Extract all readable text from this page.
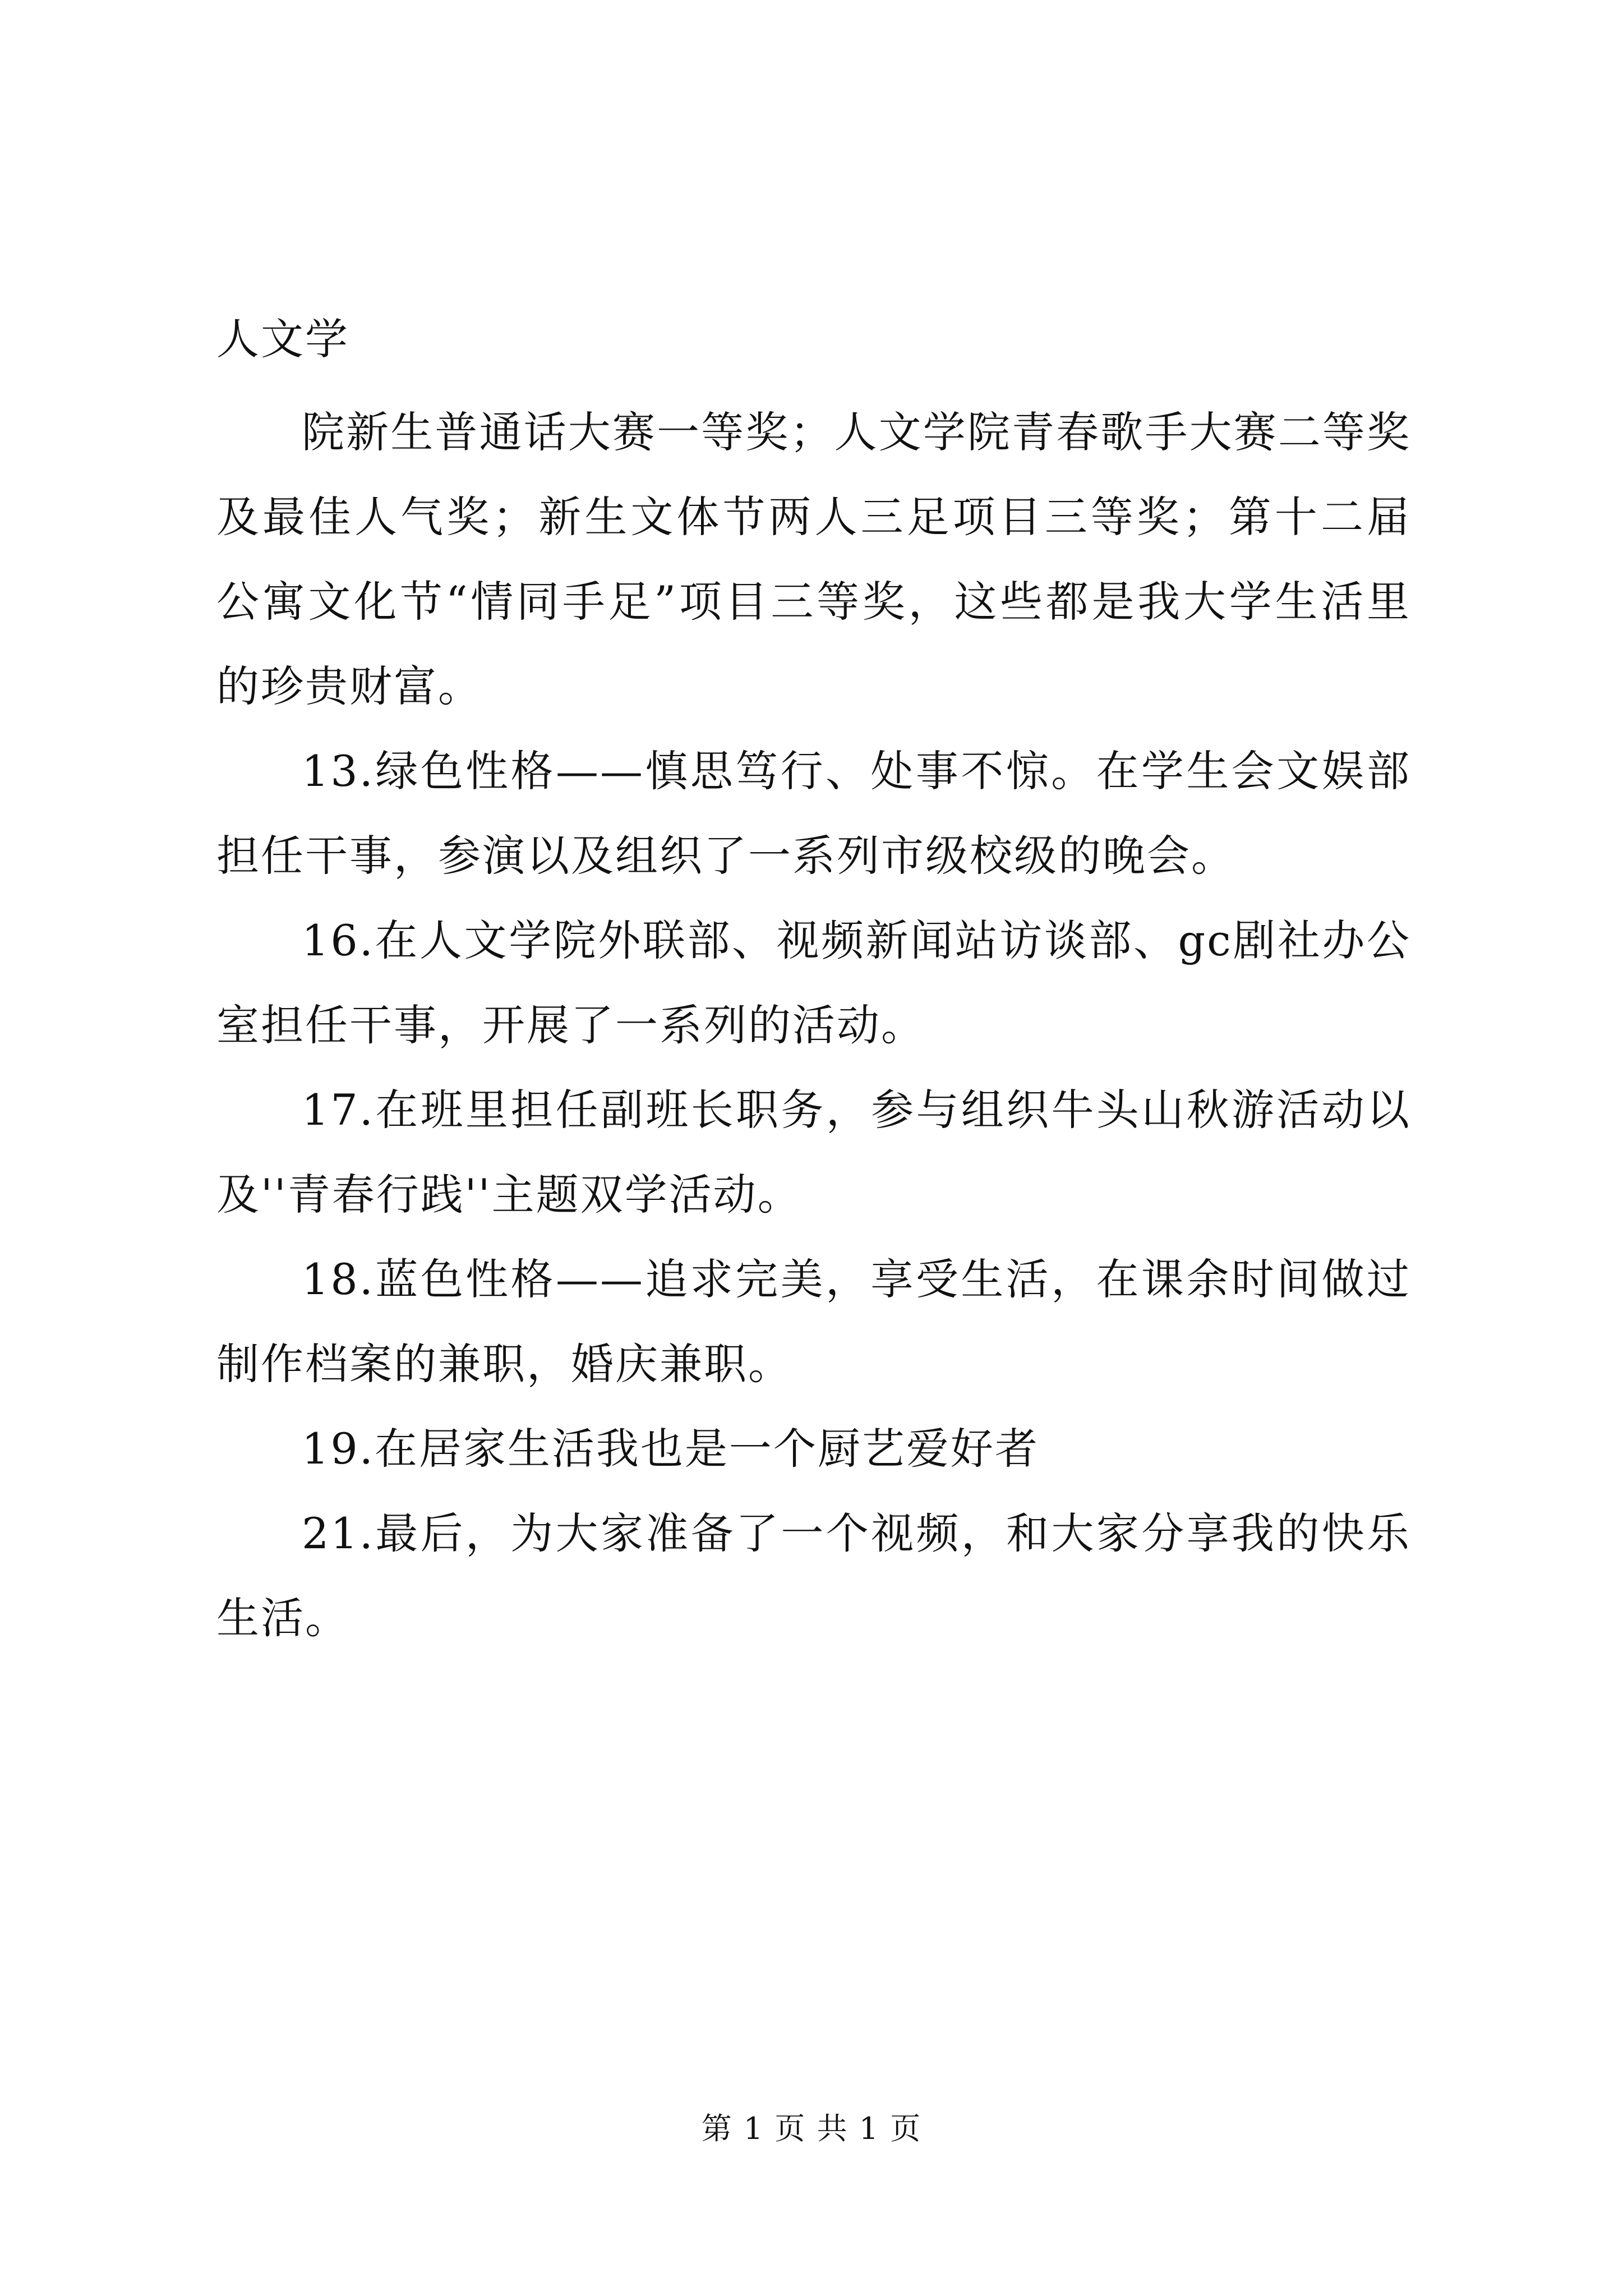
人文学

院新生普通话大赛一等奖；人文学院青春歌手大赛二等奖及最佳人气奖；新生文体节两人三足项目三等奖；第十二届公寓文化节“情同手足”项目三等奖，这些都是我大学生活里的珍贵财富。

13.绿色性格——慎思笃行、处事不惊。在学生会文娱部担任干事，参演以及组织了一系列市级校级的晚会。

16.在人文学院外联部、视频新闻站访谈部、gc剧社办公室担任干事，开展了一系列的活动。

17.在班里担任副班长职务，参与组织牛头山秋游活动以及''青春行践''主题双学活动。

18.蓝色性格——追求完美，享受生活，在课余时间做过制作档案的兼职，婚庆兼职。

19.在居家生活我也是一个厨艺爱好者

21.最后，为大家准备了一个视频，和大家分享我的快乐生活。

第 1 页 共 1 页
